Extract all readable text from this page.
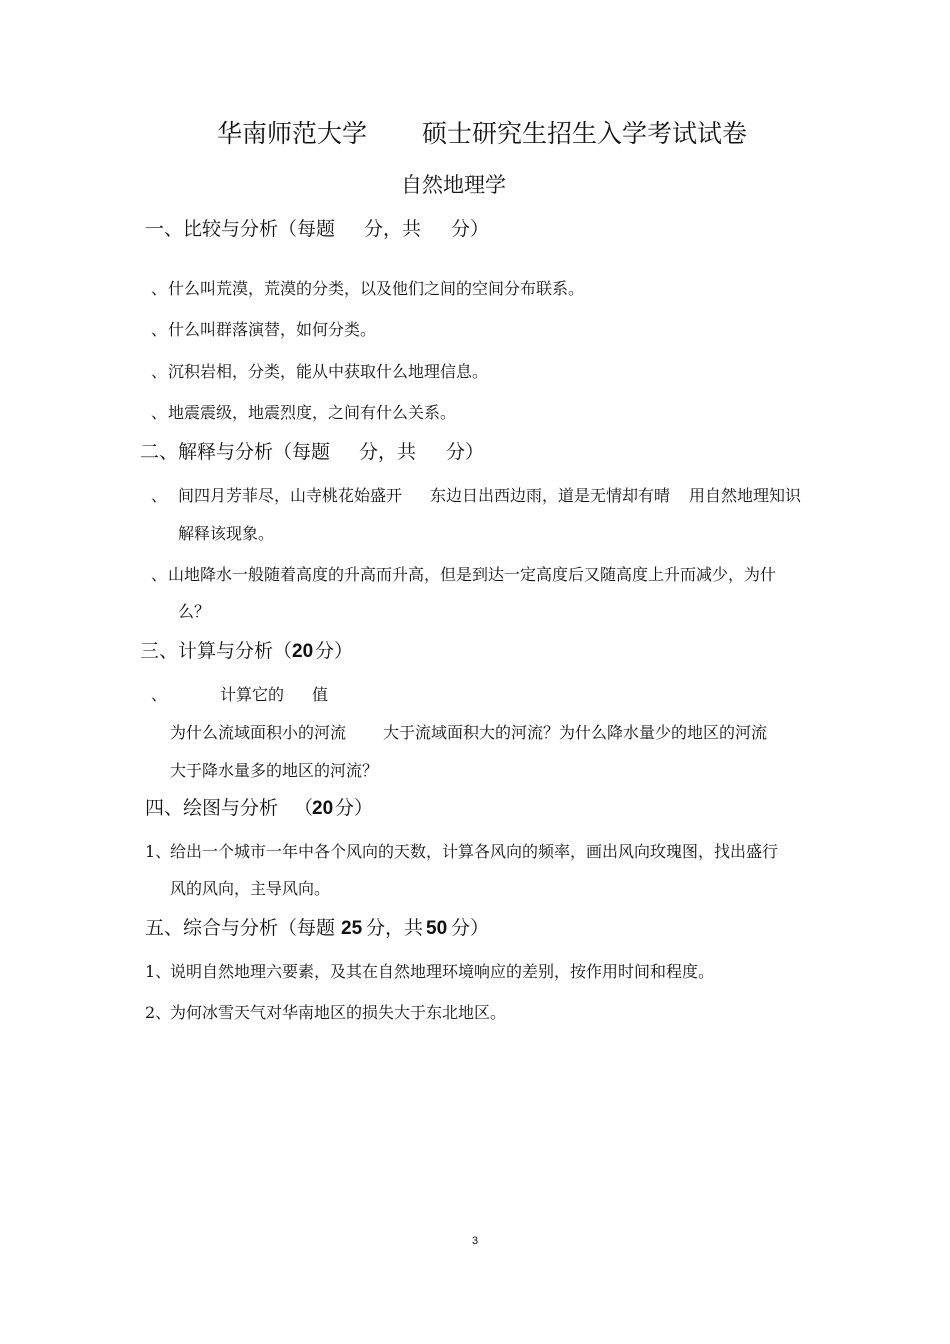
华南师范大学 硕士研究生招生入学考试试卷
自然地理学
一、比较与分析（每题 分，共 分）
、 什么叫荒漠，荒漠的分类，以及他们之间的空间分布联系。
、 什么叫群落演替，如何分类。
、 沉积岩相，分类，能从中获取什么地理信息。
、 地震震级，地震烈度，之间有什么关系。
二、解释与分析（每题 分，共 分）
、 间四月芳菲尽，山寺桃花始盛开 东边日出西边雨，道是无情却有晴 用自然地理知识
解释该现象。
、 山地降水一般随着高度的升高而升高，但是到达一定高度后又随高度上升而减少，为什
么？
三、计算与分析（ 20 分）
、	计算它的 值
为什么流域面积小的河流 大于流域面积大的河流？为什么降水量少的地区的河流
大于降水量多的地区的河流？
四、绘图与分析 （
20 分）
1、
给出一个城市一年中各个风向的天数，计算各风向的频率，画出风向玫瑰图，找出盛行
风的风向，主导风向。
五、综合与分析（每题 25 分，共 50 分）
1、
说明自然地理六要素，及其在自然地理环境响应的差别，按作用时间和程度。
2、
为何冰雪天气对华南地区的损失大于东北地区。
3
